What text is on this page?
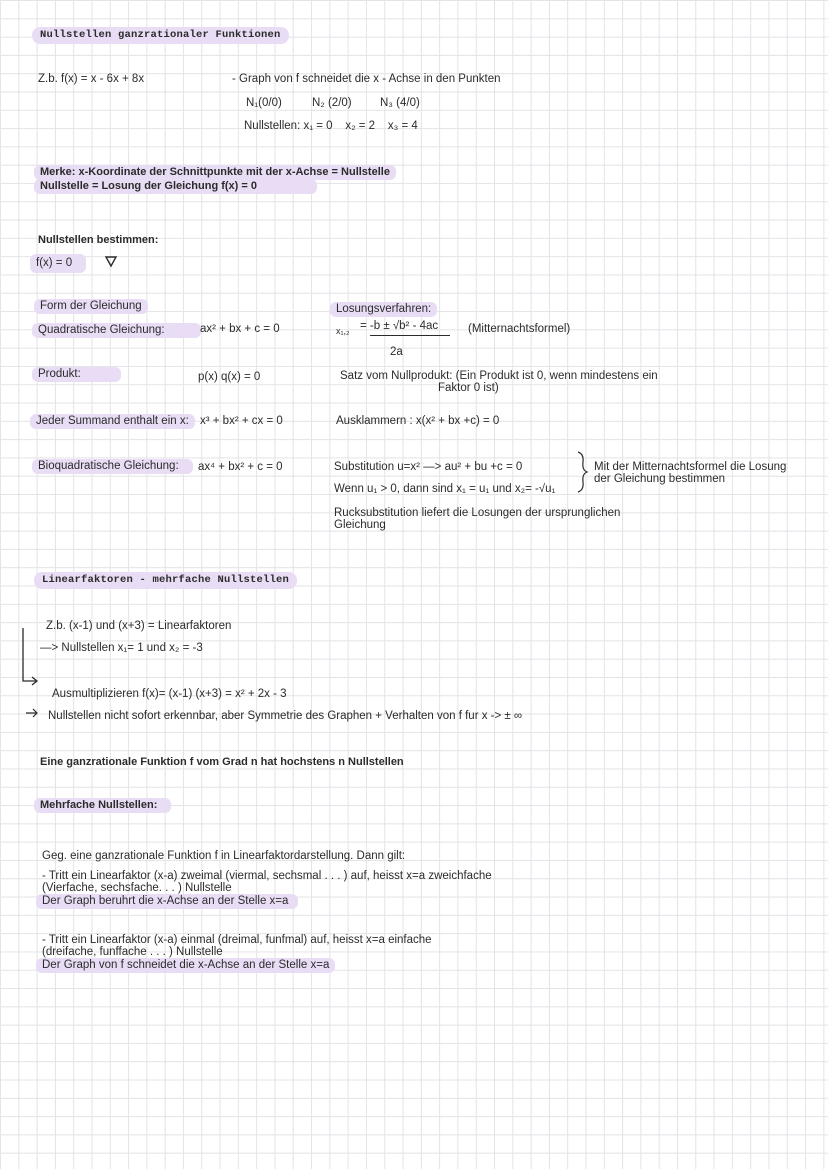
Nullstellen ganzrationaler Funktionen
Z.b. f(x) = x - 6x + 8x	- Graph von f schneidet die x - Achse in den Punkten
N₁(0/0)	N₂ (2/0) N₃ (4/0)
Nullstellen: x₁ = 0    x₂ = 2    x₃ = 4
Merke: x-Koordinate der Schnittpunkte mit der x-Achse = Nullstelle
Nullstelle = Losung der Gleichung f(x) = 0
Nullstellen bestimmen:
f(x) = 0
Form der Gleichung	Losungsverfahren:
Quadratische Gleichung:	ax² + bx + c = 0	x₁,₂ = -b ± √b² - 4ac
2a
(Mitternachtsformel)
Produkt:	p(x) q(x) = 0	Satz vom Nullprodukt: (Ein Produkt ist 0, wenn mindestens ein
Faktor 0 ist)
Jeder Summand enthalt ein x: x³ + bx² + cx = 0	Ausklammern : x(x² + bx +c) = 0
Bioquadratische Gleichung:	ax⁴ + bx² + c = 0	Substitution u=x² —> au² + bu +c = 0
Wenn u₁ > 0, dann sind x₁ = u₁ und x₂= -√u₁
Rucksubstitution liefert die Losungen der ursprunglichen
Gleichung
Mit der Mitternachtsformel die Losung
der Gleichung bestimmen
Linearfaktoren - mehrfache Nullstellen
Z.b. (x-1) und (x+3) = Linearfaktoren
—> Nullstellen x₁= 1 und x₂ = -3
Ausmultiplizieren f(x)= (x-1) (x+3) = x² + 2x - 3
Nullstellen nicht sofort erkennbar, aber Symmetrie des Graphen + Verhalten von f fur x -> ± ∞
Eine ganzrationale Funktion f vom Grad n hat hochstens n Nullstellen
Mehrfache Nullstellen:
Geg. eine ganzrationale Funktion f in Linearfaktordarstellung. Dann gilt:
- Tritt ein Linearfaktor (x-a) zweimal (viermal, sechsmal . . . ) auf, heisst x=a zweichfache
(Vierfache, sechsfache. . . ) Nullstelle
Der Graph beruhrt die x-Achse an der Stelle x=a
- Tritt ein Linearfaktor (x-a) einmal (dreimal, funfmal) auf, heisst x=a einfache
(dreifache, funffache . . . ) Nullstelle
Der Graph von f schneidet die x-Achse an der Stelle x=a
